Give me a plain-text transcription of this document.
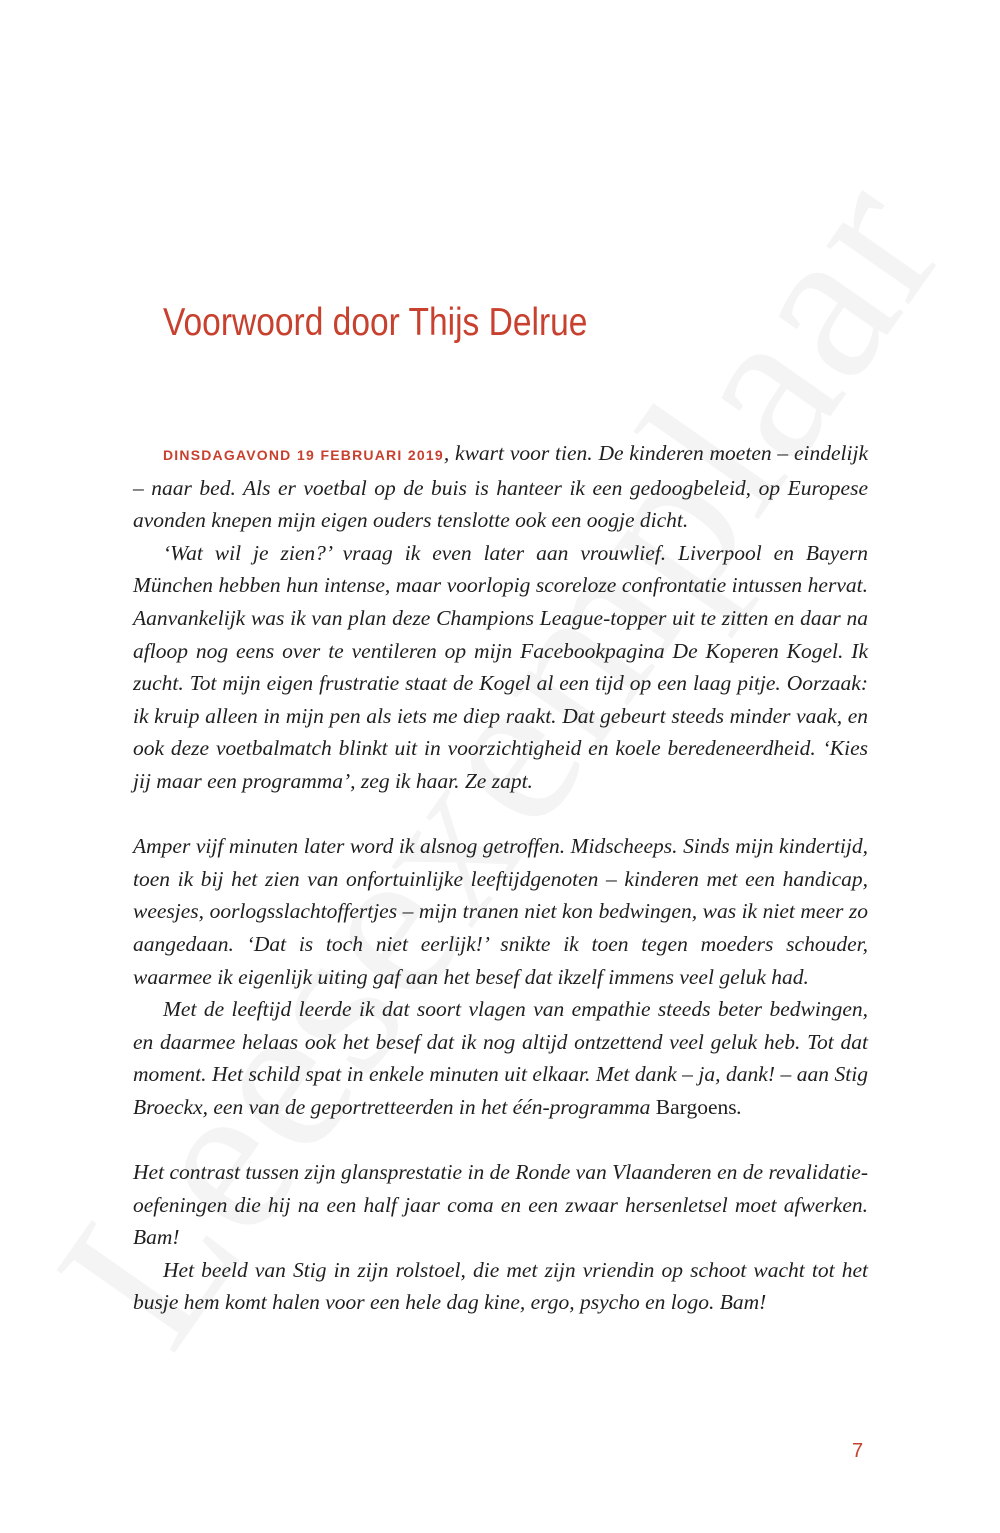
Voorwoord door Thijs Delrue

DINSDAGAVOND 19 FEBRUARI 2019, kwart voor tien. De kinderen moeten – eindelijk – naar bed. Als er voetbal op de buis is hanteer ik een gedoogbeleid, op Europese avonden knepen mijn eigen ouders tenslotte ook een oogje dicht.

‘Wat wil je zien?’ vraag ik even later aan vrouwlief. Liverpool en Bayern München hebben hun intense, maar voorlopig scoreloze confrontatie intussen hervat. Aanvankelijk was ik van plan deze Champions League-topper uit te zitten en daar na afloop nog eens over te ventileren op mijn Facebookpagina De Koperen Kogel. Ik zucht. Tot mijn eigen frustratie staat de Kogel al een tijd op een laag pitje. Oorzaak: ik kruip alleen in mijn pen als iets me diep raakt. Dat gebeurt steeds minder vaak, en ook deze voetbalmatch blinkt uit in voorzichtigheid en koele beredeneerdheid. ‘Kies jij maar een programma’, zeg ik haar. Ze zapt.

Amper vijf minuten later word ik alsnog getroffen. Midscheeps. Sinds mijn kindertijd, toen ik bij het zien van onfortuinlijke leeftijdgenoten – kinderen met een handicap, weesjes, oorlogsslachtoffertjes – mijn tranen niet kon bedwingen, was ik niet meer zo aangedaan. ‘Dat is toch niet eerlijk!’ snikte ik toen tegen moeders schouder, waarmee ik eigenlijk uiting gaf aan het besef dat ikzelf immens veel geluk had.

Met de leeftijd leerde ik dat soort vlagen van empathie steeds beter bedwingen, en daarmee helaas ook het besef dat ik nog altijd ontzettend veel geluk heb. Tot dat moment. Het schild spat in enkele minuten uit elkaar. Met dank – ja, dank! – aan Stig Broeckx, een van de geportretteerden in het één-programma Bargoens.

Het contrast tussen zijn glansprestatie in de Ronde van Vlaanderen en de revalidatie-oefeningen die hij na een half jaar coma en een zwaar hersenletsel moet afwerken. Bam!

Het beeld van Stig in zijn rolstoel, die met zijn vriendin op schoot wacht tot het busje hem komt halen voor een hele dag kine, ergo, psycho en logo. Bam!

7
